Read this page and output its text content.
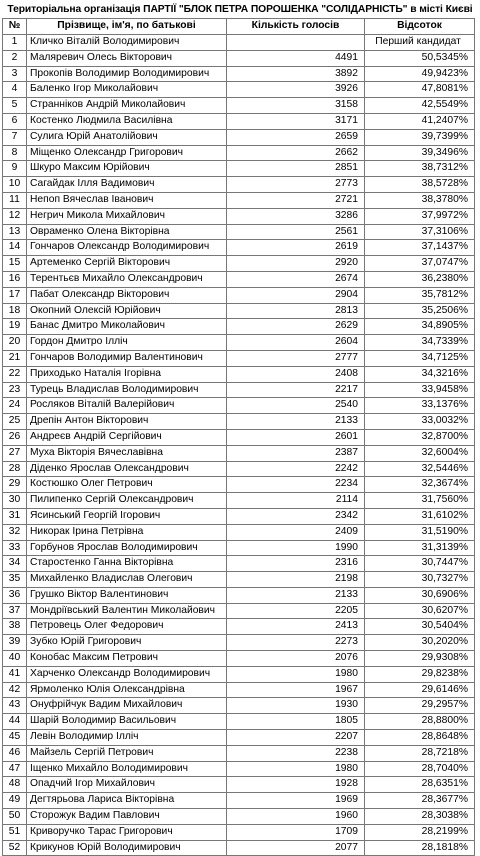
Територіальна організація ПАРТІЇ "БЛОК ПЕТРА ПОРОШЕНКА "СОЛІДАРНІСТЬ" в місті Києві
№	Прізвище, ім'я, по батькові	Кількість голосів	Відсоток
1	Кличко Віталій Володимирович		Перший кандидат
2	Маляревич Олесь Вікторович	4491	50,5345%
3	Прокопів Володимир Володимирович	3892	49,9423%
4	Баленко Ігор Миколайович	3926	47,8081%
5	Странніков Андрій Миколайович	3158	42,5549%
6	Костенко Людмила Василівна	3171	41,2407%
7	Сулига Юрій Анатолійович	2659	39,7399%
8	Міщенко Олександр Григорович	2662	39,3496%
9	Шкуро Максим Юрійович	2851	38,7312%
10	Сагайдак Ілля Вадимович	2773	38,5728%
11	Непоп Вячеслав Іванович	2721	38,3780%
12	Негрич Микола Михайлович	3286	37,9972%
13	Овраменко Олена Вікторівна	2561	37,3106%
14	Гончаров Олександр Володимирович	2619	37,1437%
15	Артеменко Сергій Вікторович	2920	37,0747%
16	Терентьєв Михайло Олександрович	2674	36,2380%
17	Пабат Олександр Вікторович	2904	35,7812%
18	Окопний Олексій Юрійович	2813	35,2506%
19	Банас Дмитро Миколайович	2629	34,8905%
20	Гордон Дмитро Ілліч	2604	34,7339%
21	Гончаров Володимир Валентинович	2777	34,7125%
22	Приходько Наталія Ігорівна	2408	34,3216%
23	Турець Владислав Володимирович	2217	33,9458%
24	Росляков Віталій Валерійович	2540	33,1376%
25	Дрепін Антон Вікторович	2133	33,0032%
26	Андреєв Андрій Сергійович	2601	32,8700%
27	Муха Вікторія Вячеславівна	2387	32,6004%
28	Діденко Ярослав Олександрович	2242	32,5446%
29	Костюшко Олег Петрович	2234	32,3674%
30	Пилипенко Сергій Олександрович	2114	31,7560%
31	Ясинський Георгій Ігорович	2342	31,6102%
32	Никорак Ірина Петрівна	2409	31,5190%
33	Горбунов Ярослав Володимирович	1990	31,3139%
34	Старостенко Ганна Вікторівна	2316	30,7447%
35	Михайленко Владислав Олегович	2198	30,7327%
36	Грушко Віктор Валентинович	2133	30,6906%
37	Мондріївський Валентин Миколайович	2205	30,6207%
38	Петровець Олег Федорович	2413	30,5404%
39	Зубко Юрій Григорович	2273	30,2020%
40	Конобас Максим Петрович	2076	29,9308%
41	Харченко Олександр Володимирович	1980	29,8238%
42	Ярмоленко Юлія Олександрівна	1967	29,6146%
43	Онуфрійчук Вадим Михайлович	1930	29,2957%
44	Шарій Володимир Васильович	1805	28,8800%
45	Левін Володимир Ілліч	2207	28,8648%
46	Майзель Сергій Петрович	2238	28,7218%
47	Іщенко Михайло Володимирович	1980	28,7040%
48	Опадчий Ігор Михайлович	1928	28,6351%
49	Дегтярьова Лариса Вікторівна	1969	28,3677%
50	Сторожук Вадим Павлович	1960	28,3038%
51	Криворучко Тарас Григорович	1709	28,2199%
52	Крикунов Юрій Володимирович	2077	28,1818%
